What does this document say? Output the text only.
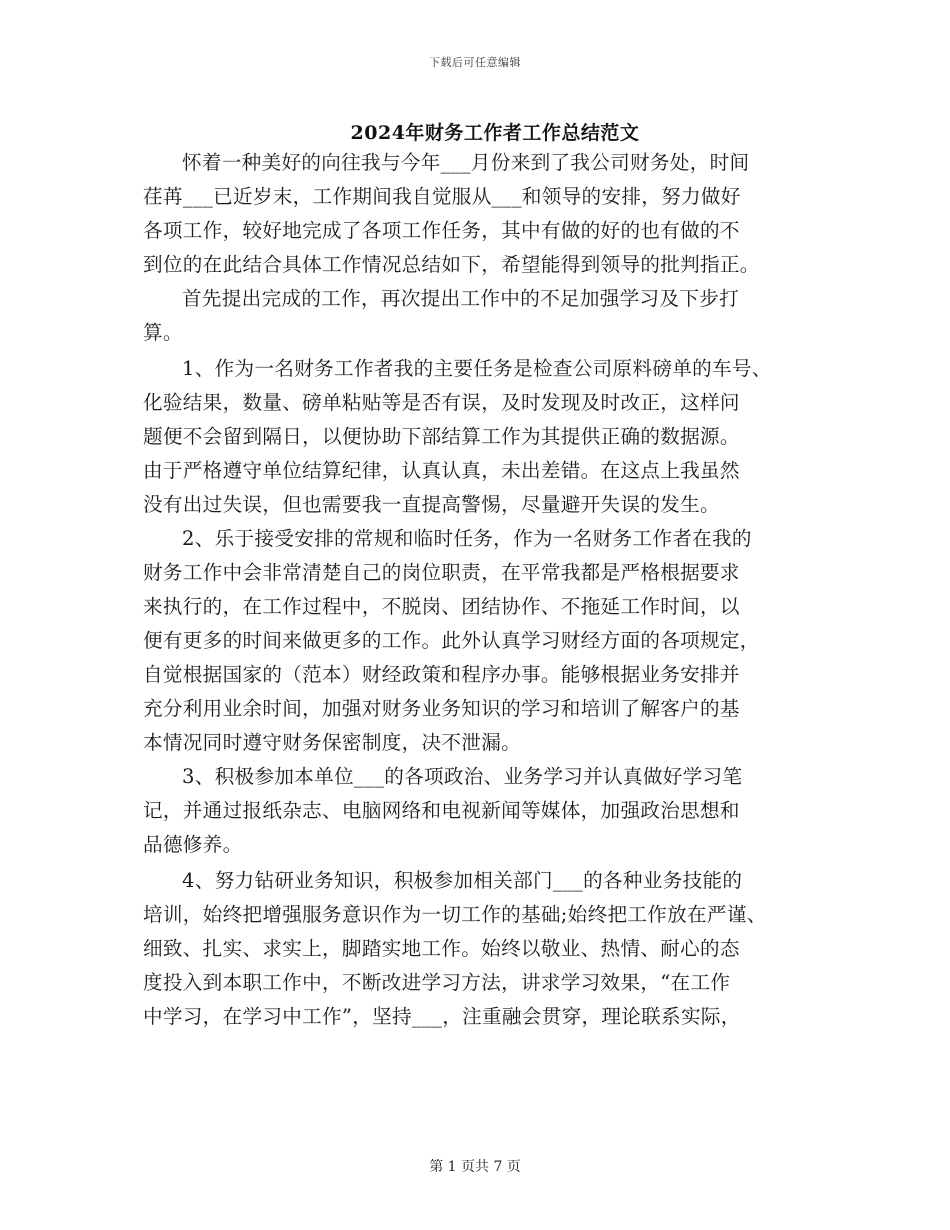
下载后可任意编辑
2024年财务工作者工作总结范文
怀着一种美好的向往我与今年___月份来到了我公司财务处，时间
荏苒___已近岁末，工作期间我自觉服从___和领导的安排，努力做好
各项工作，较好地完成了各项工作任务，其中有做的好的也有做的不
到位的在此结合具体工作情况总结如下，希望能得到领导的批判指正。
首先提出完成的工作，再次提出工作中的不足加强学习及下步打
算。
1、作为一名财务工作者我的主要任务是检查公司原料磅单的车号、
化验结果，数量、磅单粘贴等是否有误，及时发现及时改正，这样问
题便不会留到隔日，以便协助下部结算工作为其提供正确的数据源。
由于严格遵守单位结算纪律，认真认真，未出差错。在这点上我虽然
没有出过失误，但也需要我一直提高警惕，尽量避开失误的发生。
2、乐于接受安排的常规和临时任务，作为一名财务工作者在我的
财务工作中会非常清楚自己的岗位职责，在平常我都是严格根据要求
来执行的，在工作过程中，不脱岗、团结协作、不拖延工作时间，以
便有更多的时间来做更多的工作。此外认真学习财经方面的各项规定，
自觉根据国家的（范本）财经政策和程序办事。能够根据业务安排并
充分利用业余时间，加强对财务业务知识的学习和培训了解客户的基
本情况同时遵守财务保密制度，决不泄漏。
3、积极参加本单位___的各项政治、业务学习并认真做好学习笔
记，并通过报纸杂志、电脑网络和电视新闻等媒体，加强政治思想和
品德修养。
4、努力钻研业务知识，积极参加相关部门___的各种业务技能的
培训，始终把增强服务意识作为一切工作的基础;始终把工作放在严谨、
细致、扎实、求实上，脚踏实地工作。始终以敬业、热情、耐心的态
度投入到本职工作中，不断改进学习方法，讲求学习效果，“在工作
中学习，在学习中工作”，坚持___，注重融会贯穿，理论联系实际，
第 1 页共 7 页
